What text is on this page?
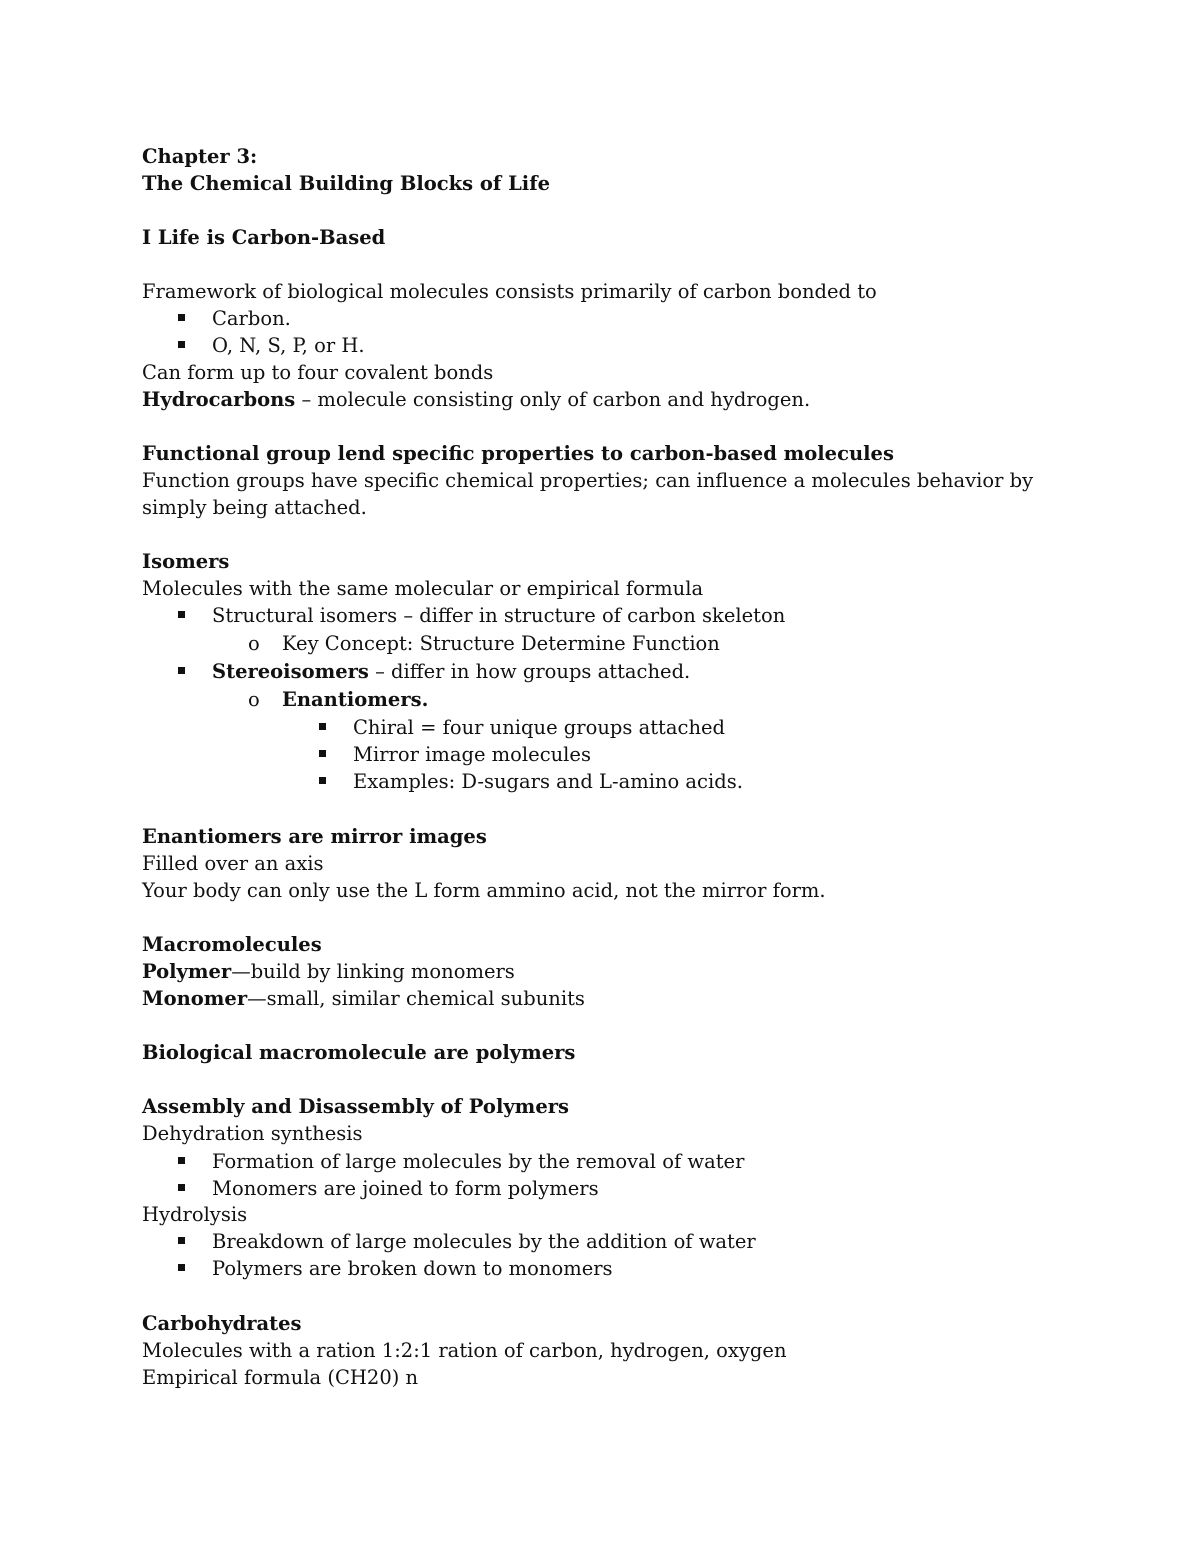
Chapter 3:
The Chemical Building Blocks of Life
I Life is Carbon-Based
Framework of biological molecules consists primarily of carbon bonded to
Carbon.
O, N, S, P, or H.
Can form up to four covalent bonds
Hydrocarbons – molecule consisting only of carbon and hydrogen.
Functional group lend specific properties to carbon-based molecules
Function groups have specific chemical properties; can influence a molecules behavior by simply being attached.
Isomers
Molecules with the same molecular or empirical formula
Structural isomers – differ in structure of carbon skeleton
o Key Concept: Structure Determine Function
Stereoisomers – differ in how groups attached.
o Enantiomers.
Chiral = four unique groups attached
Mirror image molecules
Examples: D-sugars and L-amino acids.
Enantiomers are mirror images
Filled over an axis
Your body can only use the L form ammino acid, not the mirror form.
Macromolecules
Polymer—build by linking monomers
Monomer—small, similar chemical subunits
Biological macromolecule are polymers
Assembly and Disassembly of Polymers
Dehydration synthesis
Formation of large molecules by the removal of water
Monomers are joined to form polymers
Hydrolysis
Breakdown of large molecules by the addition of water
Polymers are broken down to monomers
Carbohydrates
Molecules with a ration 1:2:1 ration of carbon, hydrogen, oxygen
Empirical formula (CH20) n
